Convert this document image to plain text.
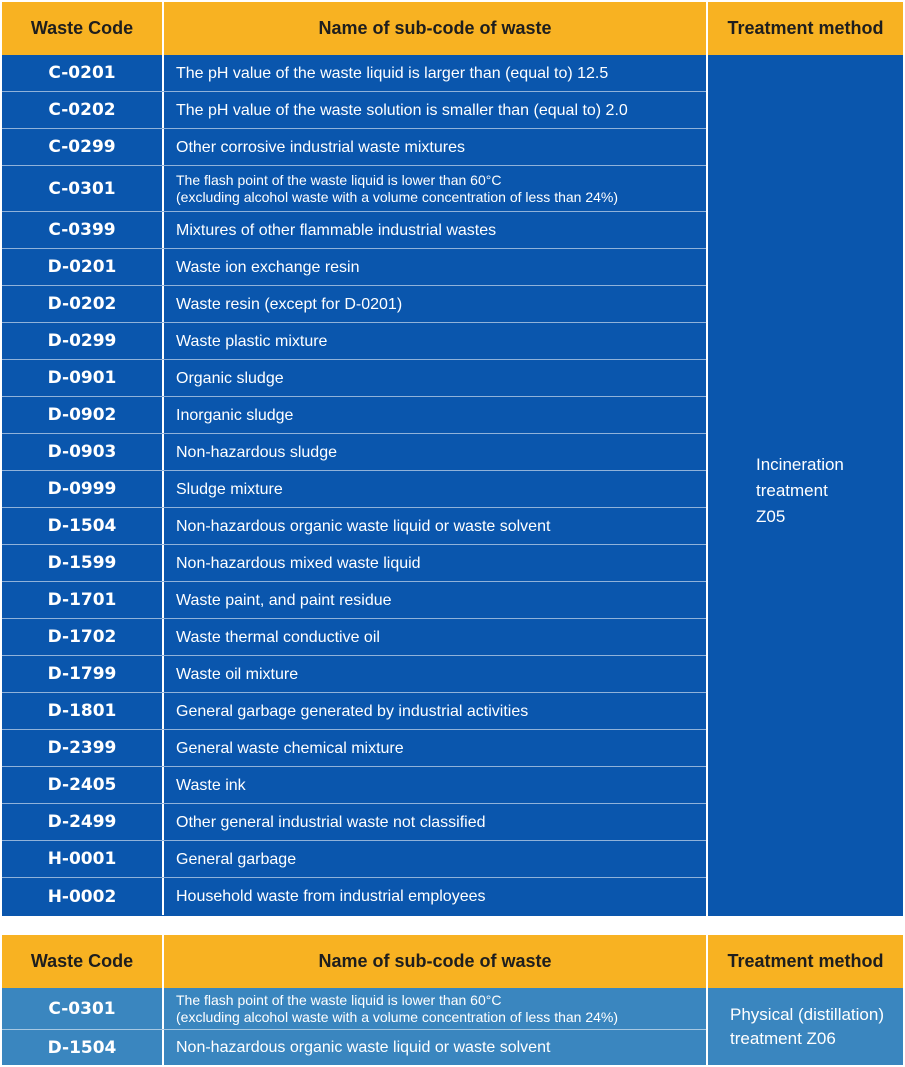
Waste Code	Name of sub-code of waste	Treatment method
C-0201	The pH value of the waste liquid is larger than (equal to) 12.5
C-0202	The pH value of the waste solution is smaller than (equal to) 2.0
C-0299	Other corrosive industrial waste mixtures
C-0301	The flash point of the waste liquid is lower than 60°C
(excluding alcohol waste with a volume concentration of less than 24%)
C-0399	Mixtures of other flammable industrial wastes
D-0201	Waste ion exchange resin
D-0202	Waste resin (except for D-0201)
D-0299	Waste plastic mixture
D-0901	Organic sludge
D-0902	Inorganic sludge
D-0903	Non-hazardous sludge
D-0999	Sludge mixture
D-1504	Non-hazardous organic waste liquid or waste solvent
D-1599	Non-hazardous mixed waste liquid
D-1701	Waste paint, and paint residue
D-1702	Waste thermal conductive oil
D-1799	Waste oil mixture
D-1801	General garbage generated by industrial activities
D-2399	General waste chemical mixture
D-2405	Waste ink
D-2499	Other general industrial waste not classified
H-0001	General garbage
H-0002	Household waste from industrial employees
Incineration
treatment
Z05
Waste Code	Name of sub-code of waste	Treatment method
C-0301	The flash point of the waste liquid is lower than 60°C
(excluding alcohol waste with a volume concentration of less than 24%)
D-1504	Non-hazardous organic waste liquid or waste solvent
Physical (distillation)
treatment Z06
